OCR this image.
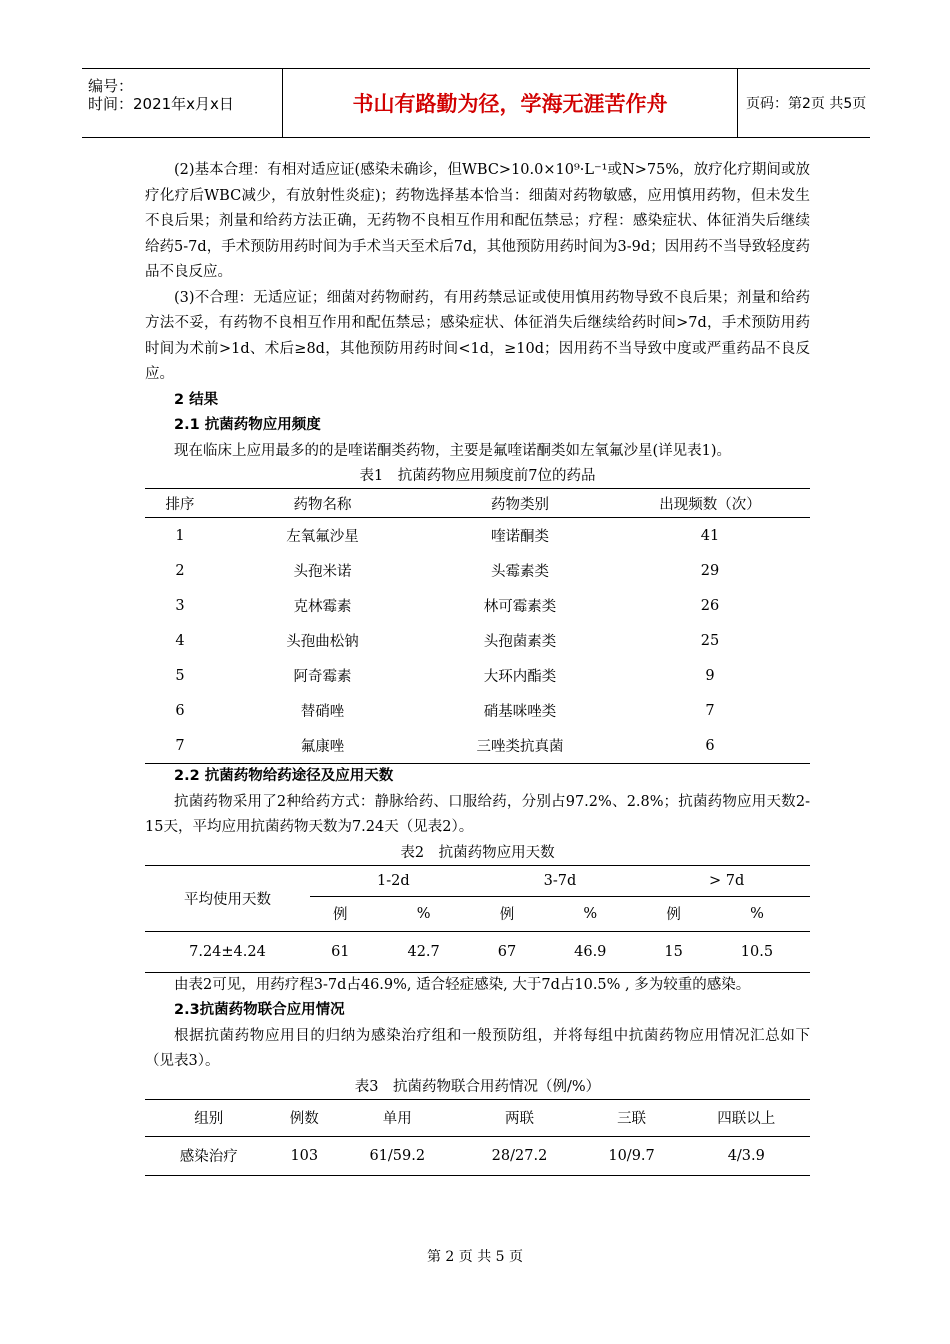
编号：
时间：2021年x月x日	书山有路勤为径，学海无涯苦作舟	页码：第2页 共5页

(2)基本合理：有相对适应证(感染未确诊，但WBC>10.0×10⁹·L⁻¹或N>75%，放疗化疗期间或放疗化疗后WBC减少，有放射性炎症)；药物选择基本恰当：细菌对药物敏感，应用慎用药物，但未发生不良后果；剂量和给药方法正确，无药物不良相互作用和配伍禁忌；疗程：感染症状、体征消失后继续给药5-7d，手术预防用药时间为手术当天至术后7d，其他预防用药时间为3-9d；因用药不当导致轻度药品不良反应。

(3)不合理：无适应证；细菌对药物耐药，有用药禁忌证或使用慎用药物导致不良后果；剂量和给药方法不妥，有药物不良相互作用和配伍禁忌；感染症状、体征消失后继续给药时间>7d，手术预防用药时间为术前>1d、术后≥8d，其他预防用药时间<1d，≥10d；因用药不当导致中度或严重药品不良反应。

2 结果
2.1 抗菌药物应用频度

现在临床上应用最多的的是喹诺酮类药物，主要是氟喹诺酮类如左氧氟沙星(详见表1)。

表1　抗菌药物应用频度前7位的药品
排序	药物名称	药物类别	出现频数（次）
1	左氧氟沙星	喹诺酮类	41
2	头孢米诺	头霉素类	29
3	克林霉素	林可霉素类	26
4	头孢曲松钠	头孢菌素类	25
5	阿奇霉素	大环内酯类	9
6	替硝唑	硝基咪唑类	7
7	氟康唑	三唑类抗真菌	6
2.2 抗菌药物给药途径及应用天数

抗菌药物采用了2种给药方式：静脉给药、口服给药，分别占97.2%、2.8%；抗菌药物应用天数2-15天，平均应用抗菌药物天数为7.24天（见表2）。

表2　抗菌药物应用天数
平均使用天数	1-2d		3-7d		> 7d	
	例	%	例	%	例	%
7.24±4.24	61	42.7	67	46.9	15	10.5

由表2可见，用药疗程3-7d占46.9%, 适合轻症感染, 大于7d占10.5% , 多为较重的感染。

2.3抗菌药物联合应用情况

根据抗菌药物应用目的归纳为感染治疗组和一般预防组，并将每组中抗菌药物应用情况汇总如下（见表3）。

表3　抗菌药物联合用药情况（例/%）
组别	例数	单用	两联	三联	四联以上
感染治疗	103	61/59.2	28/27.2	10/9.7	4/3.9
第 2 页 共 5 页
